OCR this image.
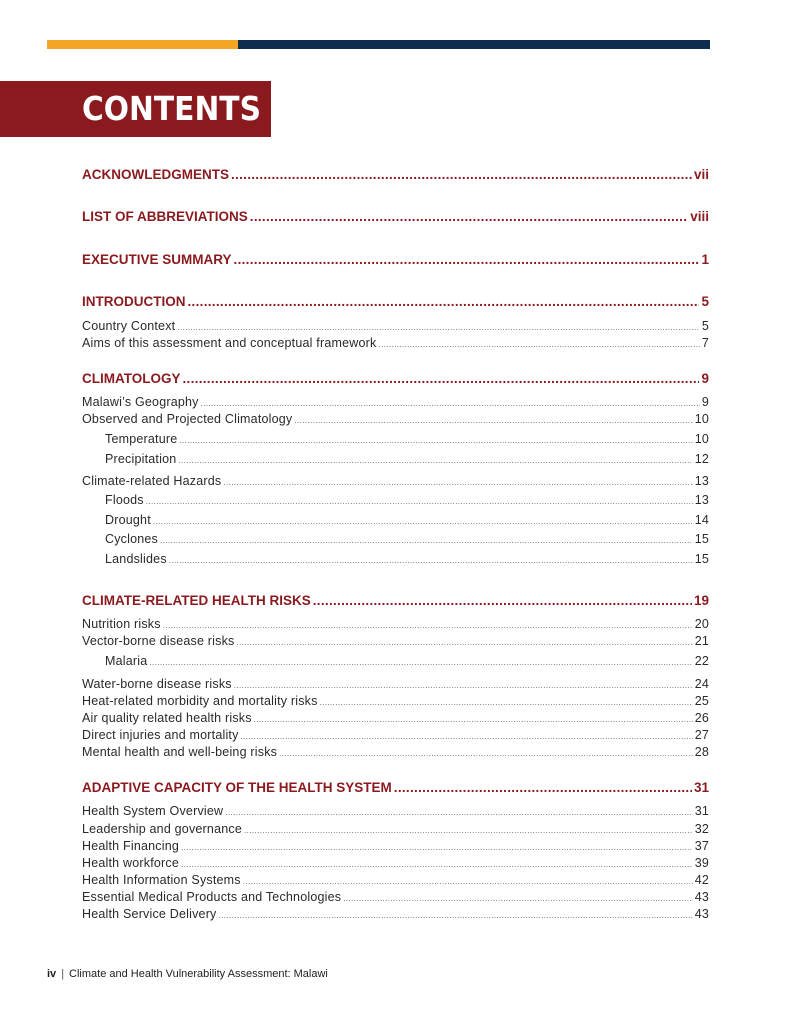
CONTENTS
ACKNOWLEDGMENTS .....	vii
LIST OF ABBREVIATIONS .....	viii
EXECUTIVE SUMMARY .....	1
INTRODUCTION .....	5
Country Context .....	5
Aims of this assessment and conceptual framework .....	7
CLIMATOLOGY .....	9
Malawi’s Geography .....	9
Observed and Projected Climatology .....	10
Temperature .....	10
Precipitation .....	12
Climate-related Hazards .....	13
Floods .....	13
Drought .....	14
Cyclones .....	15
Landslides .....	15
CLIMATE-RELATED HEALTH RISKS .....	19
Nutrition risks .....	20
Vector-borne disease risks .....	21
Malaria .....	22
Water-borne disease risks .....	24
Heat-related morbidity and mortality risks .....	25
Air quality related health risks .....	26
Direct injuries and mortality .....	27
Mental health and well-being risks .....	28
ADAPTIVE CAPACITY OF THE HEALTH SYSTEM .....	31
Health System Overview .....	31
Leadership and governance .....	32
Health Financing .....	37
Health workforce .....	39
Health Information Systems .....	42
Essential Medical Products and Technologies .....	43
Health Service Delivery .....	43
iv | Climate and Health Vulnerability Assessment: Malawi
